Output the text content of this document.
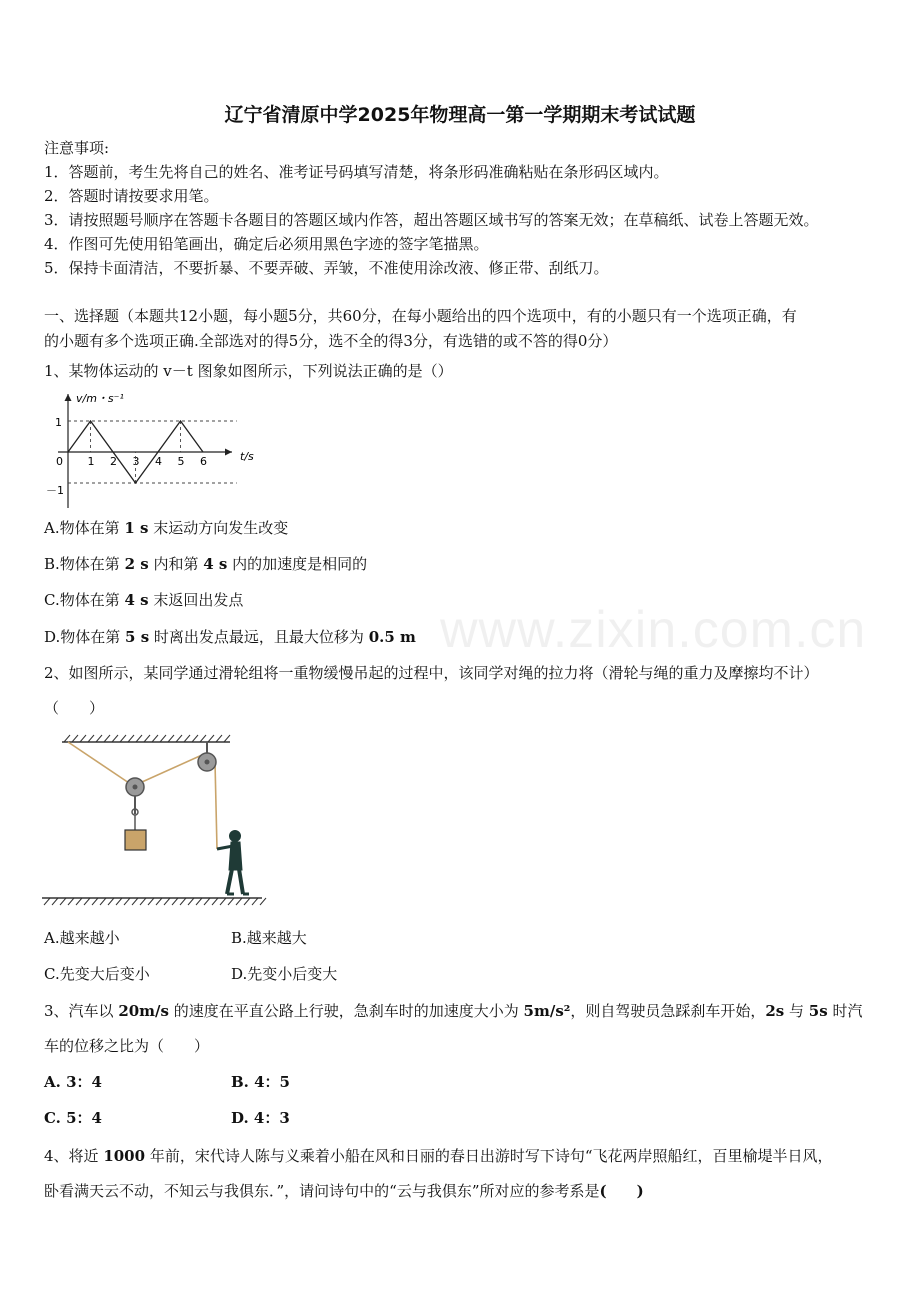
辽宁省清原中学2025年物理高一第一学期期末考试试题
注意事项:
1．答题前，考生先将自己的姓名、准考证号码填写清楚，将条形码准确粘贴在条形码区域内。
2．答题时请按要求用笔。
3．请按照题号顺序在答题卡各题目的答题区域内作答，超出答题区域书写的答案无效；在草稿纸、试卷上答题无效。
4．作图可先使用铅笔画出，确定后必须用黑色字迹的签字笔描黑。
5．保持卡面清洁，不要折暴、不要弄破、弄皱，不准使用涂改液、修正带、刮纸刀。
一、选择题（本题共12小题，每小题5分，共60分，在每小题给出的四个选项中，有的小题只有一个选项正确，有
的小题有多个选项正确.全部选对的得5分，选不全的得3分，有选错的或不答的得0分）
1、某物体运动的 v－t 图象如图所示，下列说法正确的是（）
v/m・s⁻¹
t/s
1
0
－1
1 2 3 4 5 6
A.物体在第 1 s 末运动方向发生改变
B.物体在第 2 s 内和第 4 s 内的加速度是相同的
C.物体在第 4 s 末返回出发点
D.物体在第 5 s 时离出发点最远，且最大位移为 0.5 m www.zixin.com.cn
2、如图所示，某同学通过滑轮组将一重物缓慢吊起的过程中，该同学对绳的拉力将（滑轮与绳的重力及摩擦均不计）
（　　）
A.越来越小	B.越来越大
C.先变大后变小	D.先变小后变大
3、汽车以 20m/s 的速度在平直公路上行驶，急刹车时的加速度大小为 5m/s²，则自驾驶员急踩刹车开始，2s 与 5s 时汽
车的位移之比为（　　）
A. 3：4	B. 4：5
C. 5：4	D. 4：3
4、将近 1000 年前，宋代诗人陈与义乘着小船在风和日丽的春日出游时写下诗句“飞花两岸照船红，百里榆堤半日风，
卧看满天云不动，不知云与我俱东．”，请问诗句中的“云与我俱东”所对应的参考系是(　　)
